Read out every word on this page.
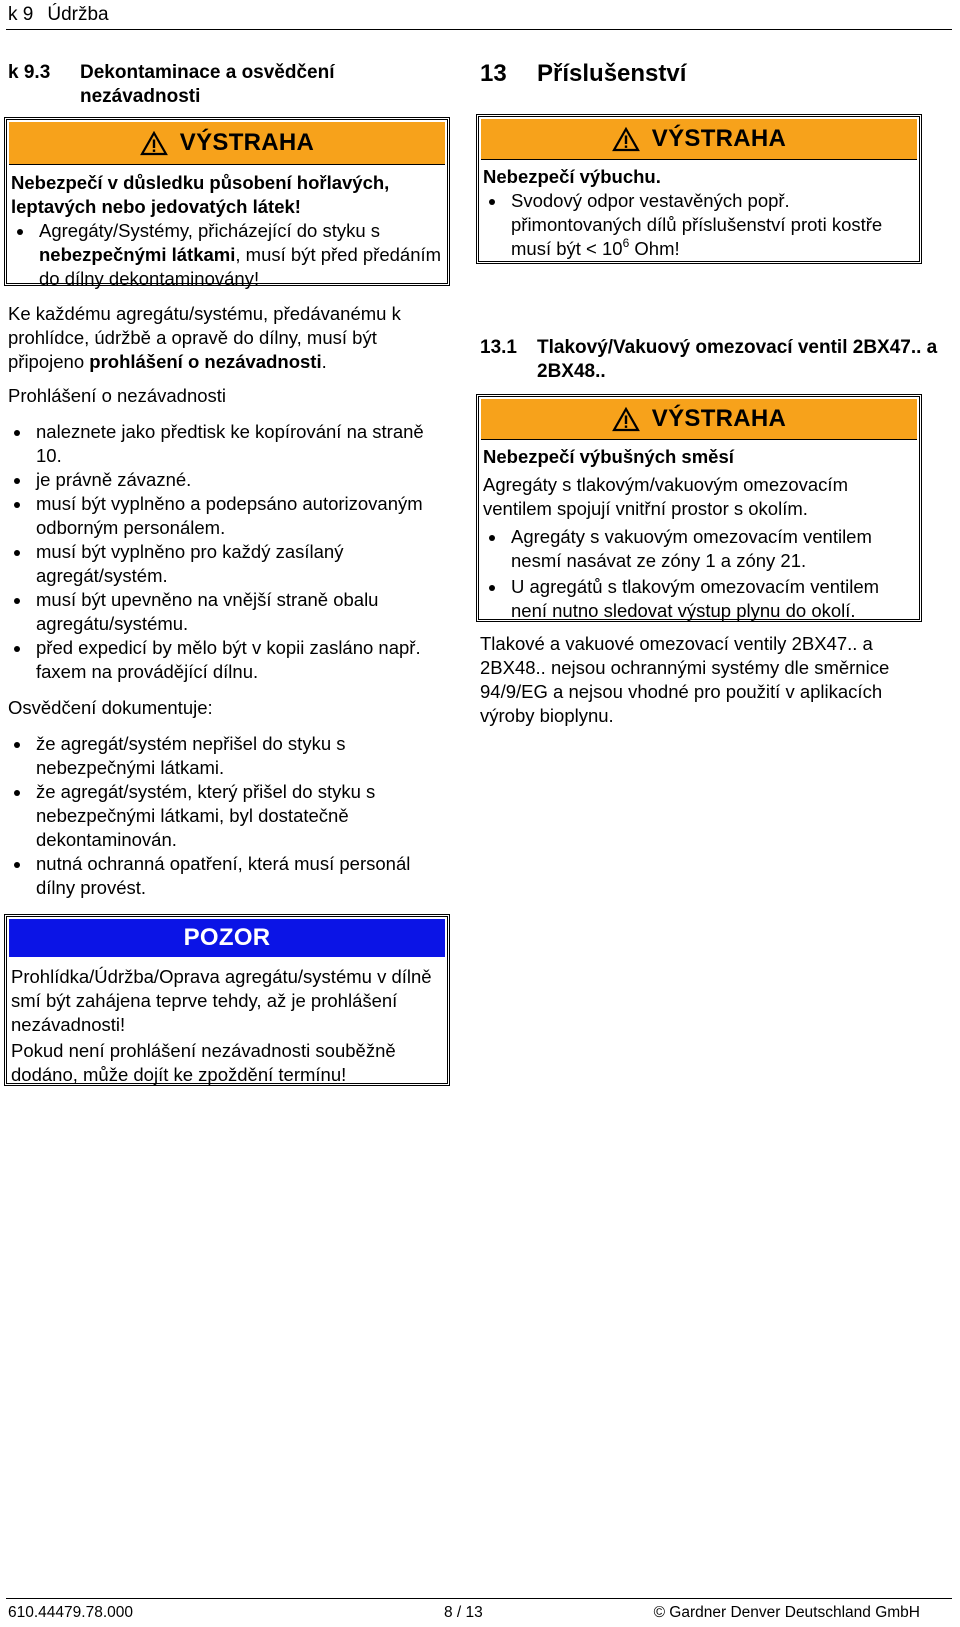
k 9 Údržba
k 9.3	Dekontaminace a osvědčení nezávadnosti
VÝSTRAHA

Nebezpečí v důsledku působení hořlavých, leptavých nebo jedovatých látek!

Agregáty/Systémy, přicházející do styku s nebezpečnými látkami, musí být před předáním do dílny dekontaminovány!
Ke každému agregátu/systému, předávanému k prohlídce, údržbě a opravě do dílny, musí být připojeno prohlášení o nezávadnosti.

Prohlášení o nezávadnosti

naleznete jako předtisk ke kopírování na straně 10.
je právně závazné.
musí být vyplněno a podepsáno autorizovaným odborným personálem.
musí být vyplněno pro každý zasílaný agregát/systém.
musí být upevněno na vnější straně obalu agregátu/systému.
před expedicí by mělo být v kopii zasláno např. faxem na provádějící dílnu.

Osvědčení dokumentuje:

že agregát/systém nepřišel do styku s nebezpečnými látkami.
že agregát/systém, který přišel do styku s nebezpečnými látkami, byl dostatečně dekontaminován.
nutná ochranná opatření, která musí personál dílny provést.
POZOR

Prohlídka/Údržba/Oprava agregátu/systému v dílně smí být zahájena teprve tehdy, až je prohlášení nezávadnosti!

Pokud není prohlášení nezávadnosti souběžně dodáno, může dojít ke zpoždění termínu!

13	Příslušenství
VÝSTRAHA

Nebezpečí výbuchu.

Svodový odpor vestavěných popř. přimontovaných dílů příslušenství proti kostře musí být < $10^6$ Ohm!
13.1	Tlakový/Vakuový omezovací ventil 2BX47.. a 2BX48..
VÝSTRAHA

Nebezpečí výbušných směsí

Agregáty s tlakovým/vakuovým omezovacím ventilem spojují vnitřní prostor s okolím.

Agregáty s vakuovým omezovacím ventilem nesmí nasávat ze zóny 1 a zóny 21.
U agregátů s tlakovým omezovacím ventilem není nutno sledovat výstup plynu do okolí.
Tlakové a vakuové omezovací ventily 2BX47.. a 2BX48.. nejsou ochrannými systémy dle směrnice 94/9/EG a nejsou vhodné pro použití v aplikacích výroby bioplynu.
610.44479.78.000	8 / 13	© Gardner Denver Deutschland GmbH
